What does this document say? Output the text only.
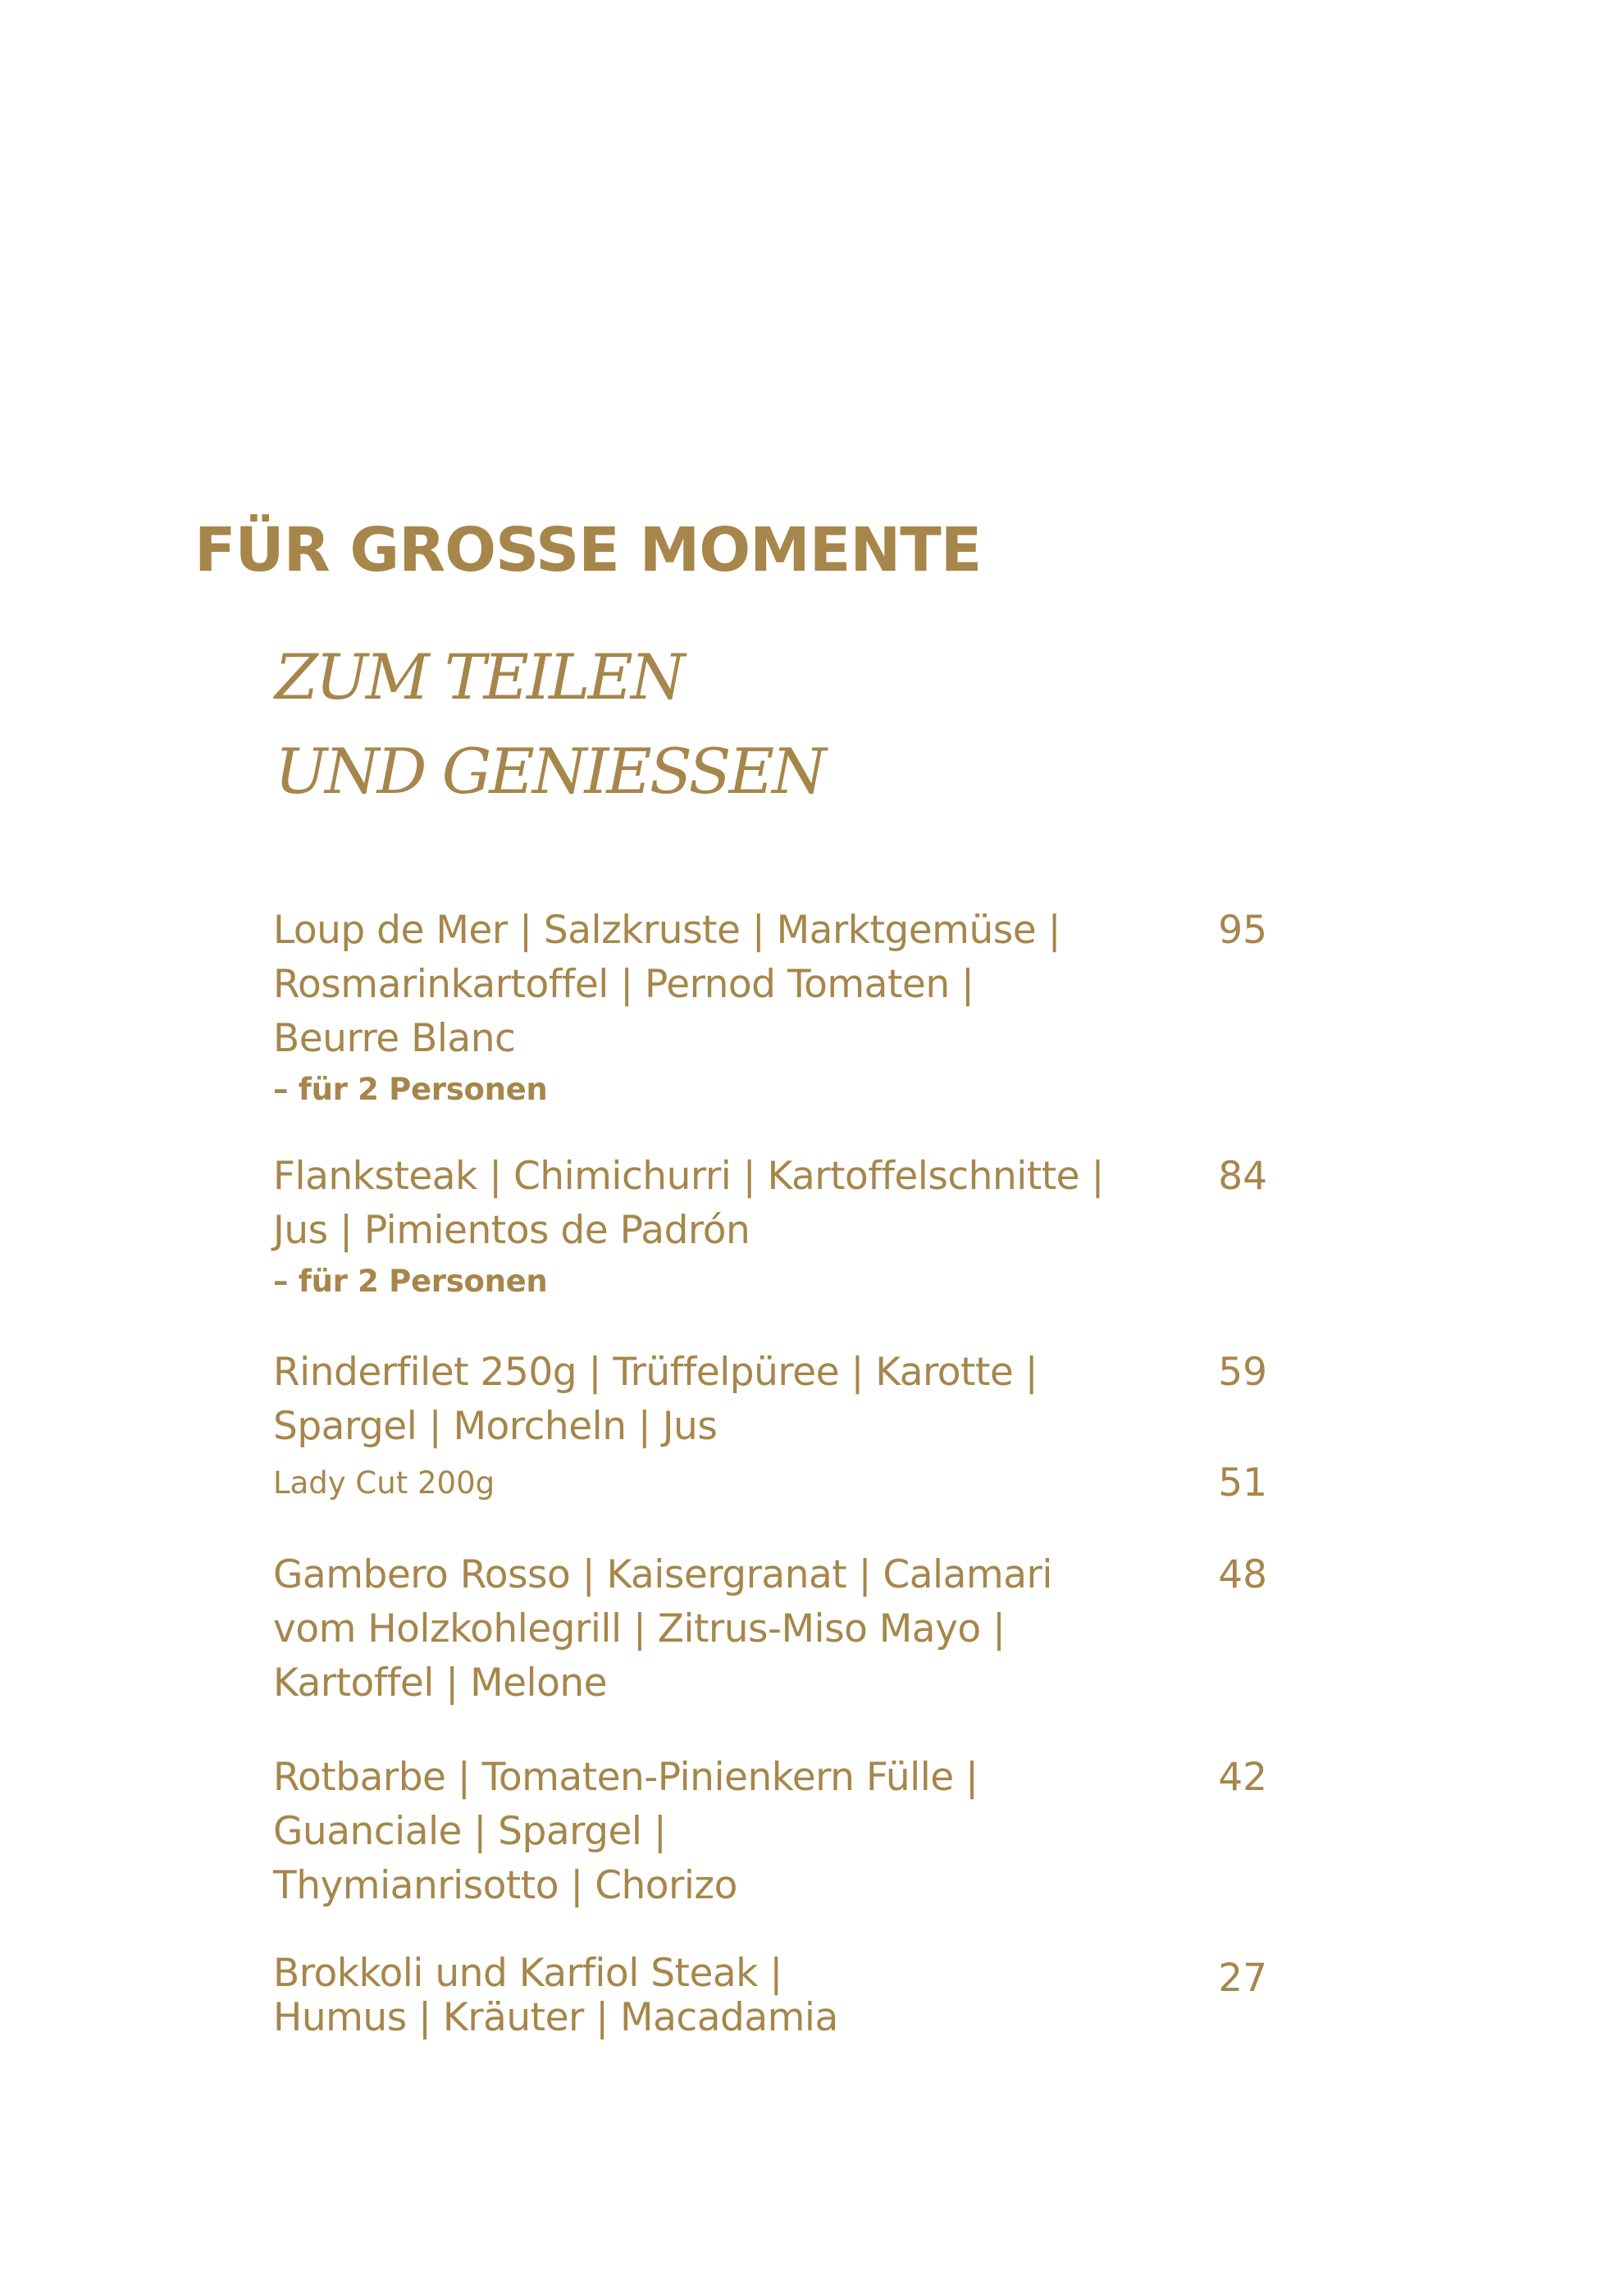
FÜR GROSSE MOMENTE
ZUM TEILEN
UND GENIESSEN
Loup de Mer | Salzkruste | Marktgemüse |
Rosmarinkartoffel | Pernod Tomaten |
Beurre Blanc
95
– für 2 Personen
Flanksteak | Chimichurri | Kartoffelschnitte |
Jus | Pimientos de Padrón
84
– für 2 Personen
Rinderfilet 250g | Trüffelpüree | Karotte |
Spargel | Morcheln | Jus
59
Lady Cut 200g	51
Gambero Rosso | Kaisergranat | Calamari
vom Holzkohlegrill | Zitrus-Miso Mayo |
Kartoffel | Melone
48
Rotbarbe | Tomaten-Pinienkern Fülle |
Guanciale | Spargel |
Thymianrisotto | Chorizo
42
Brokkoli und Karfiol Steak |
Humus | Kräuter | Macadamia
27
